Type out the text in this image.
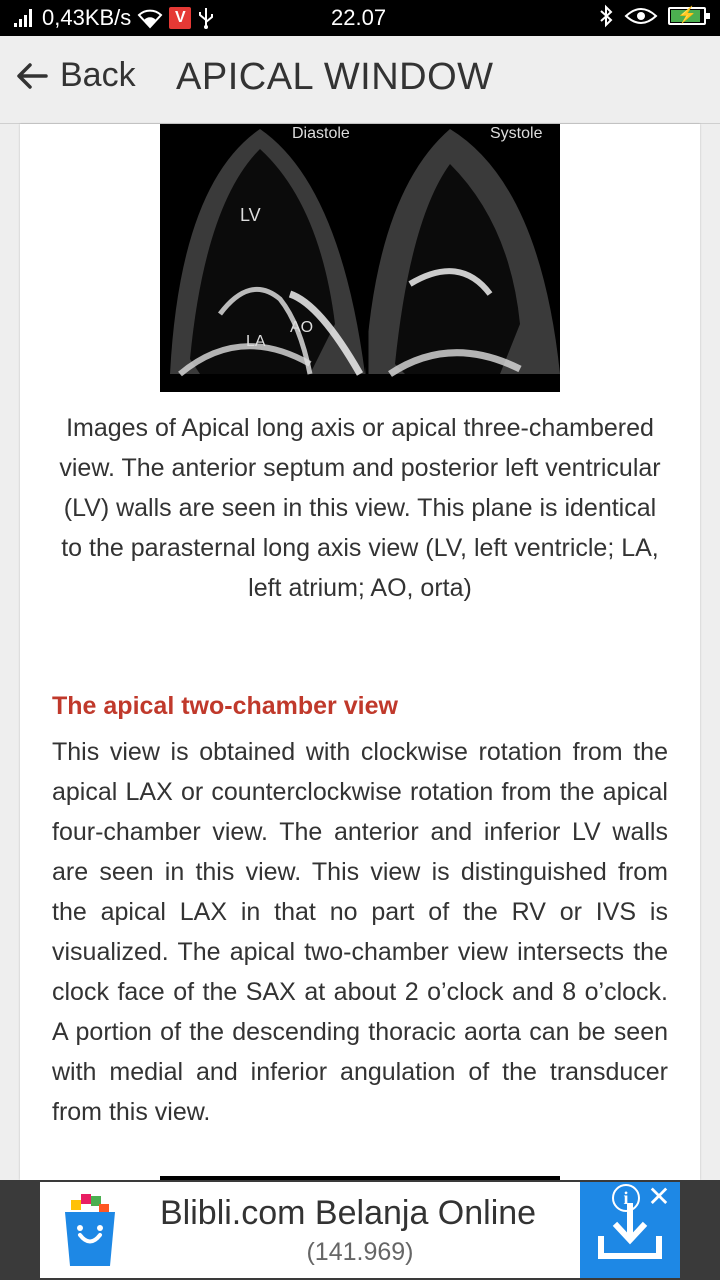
0,43KB/s	V	22.07	⚡
Back APICAL WINDOW
Diastole	Systole
LV
LA
AO
Images of Apical long axis or apical three-chambered view. The anterior septum and posterior left ventricular (LV) walls are seen in this view. This plane is identical to the parasternal long axis view (LV, left ventricle; LA, left atrium; AO, orta)
The apical two-chamber view
This view is obtained with clockwise rotation from the apical LAX or counterclockwise rotation from the apical four-chamber view. The anterior and inferior LV walls are seen in this view. This view is distinguished from the apical LAX in that no part of the RV or IVS is visualized. The apical two-chamber view intersects the clock face of the SAX at about 2 o’clock and 8 o’clock. A portion of the descending thoracic aorta can be seen with medial and inferior angulation of the transducer from this view.
Blibli.com Belanja Online
(141.969)
i ✕
